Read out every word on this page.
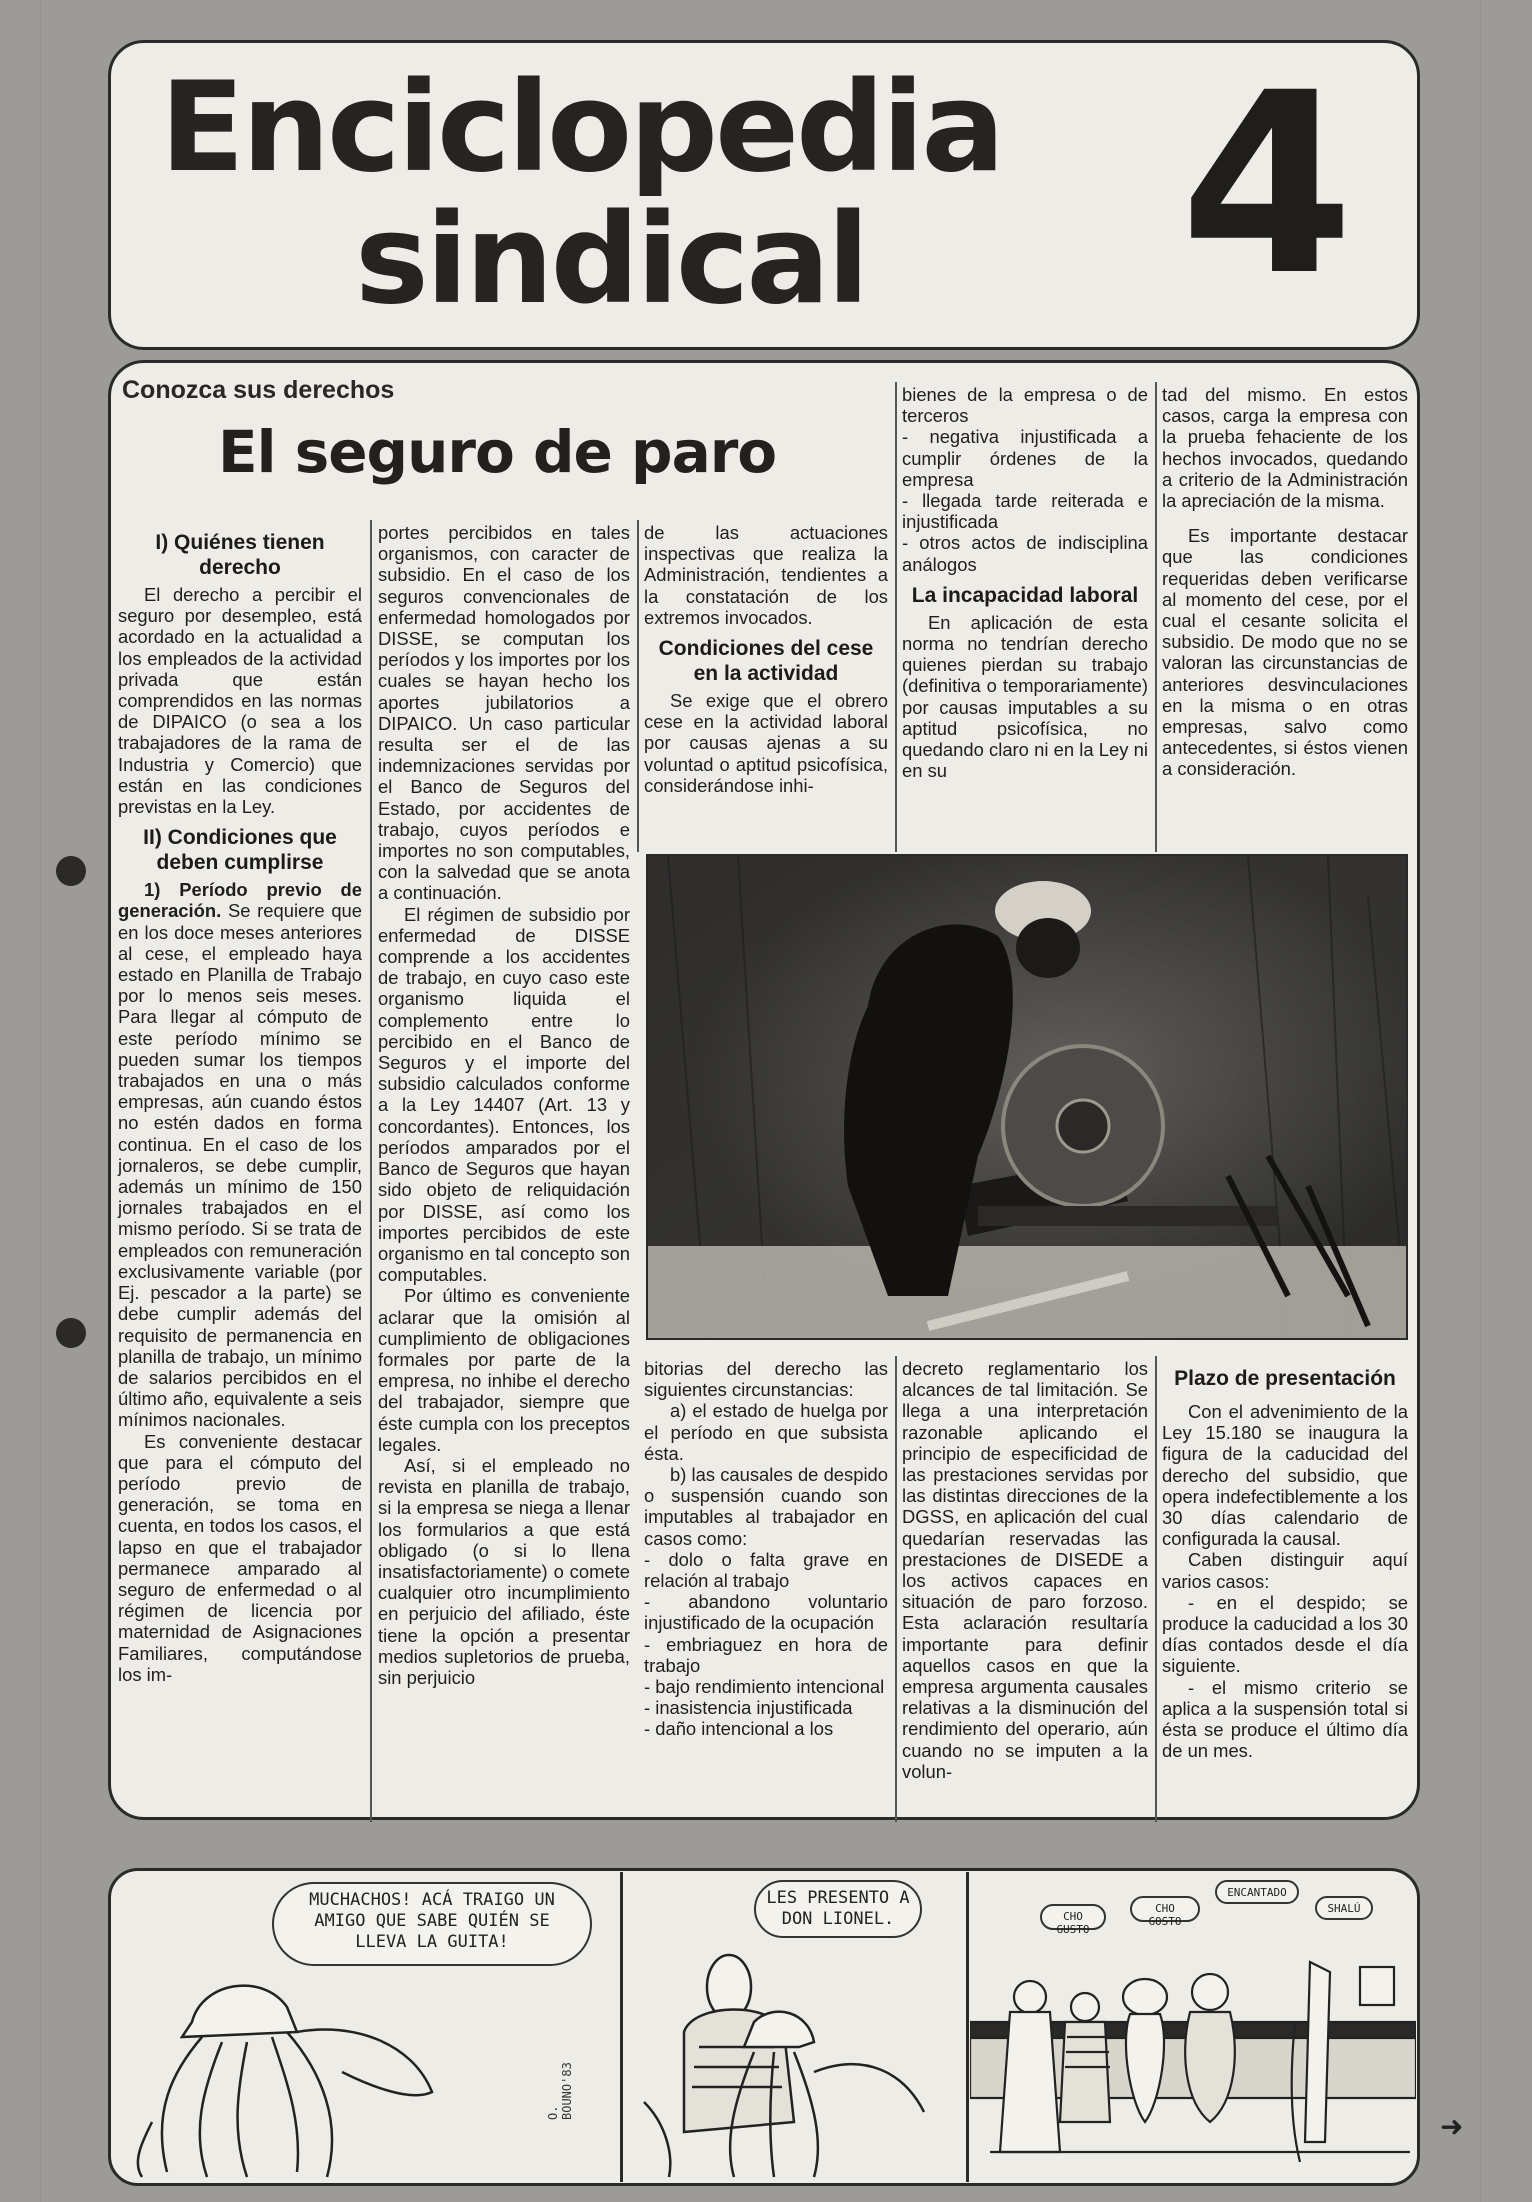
Enciclopedia
sindical	4
Conozca sus derechos
El seguro de paro
I) Quiénes tienen derecho

El derecho a percibir el seguro por desempleo, está acordado en la actualidad a los empleados de la actividad privada que están comprendidos en las normas de DIPAICO (o sea a los trabajadores de la rama de Industria y Comercio) que están en las condiciones previstas en la Ley.

II) Condiciones que deben cumplirse

1) Período previo de generación. Se requiere que en los doce meses anteriores al cese, el empleado haya estado en Planilla de Trabajo por lo menos seis meses. Para llegar al cómputo de este período mínimo se pueden sumar los tiempos trabajados en una o más empresas, aún cuando éstos no estén dados en forma continua. En el caso de los jornaleros, se debe cumplir, además un mínimo de 150 jornales trabajados en el mismo período. Si se trata de empleados con remuneración exclusivamente variable (por Ej. pescador a la parte) se debe cumplir además del requisito de permanencia en planilla de trabajo, un mínimo de salarios percibidos en el último año, equivalente a seis mínimos nacionales.

Es conveniente destacar que para el cómputo del período previo de generación, se toma en cuenta, en todos los casos, el lapso en que el trabajador permanece amparado al seguro de enfermedad o al régimen de licencia por maternidad de Asignaciones Familiares, computándose los im-

portes percibidos en tales organismos, con caracter de subsidio. En el caso de los seguros convencionales de enfermedad homologados por DISSE, se computan los períodos y los importes por los cuales se hayan hecho los aportes jubilatorios a DIPAICO. Un caso particular resulta ser el de las indemnizaciones servidas por el Banco de Seguros del Estado, por accidentes de trabajo, cuyos períodos e importes no son computables, con la salvedad que se anota a continuación.

El régimen de subsidio por enfermedad de DISSE comprende a los accidentes de trabajo, en cuyo caso este organismo liquida el complemento entre lo percibido en el Banco de Seguros y el importe del subsidio calculados conforme a la Ley 14407 (Art. 13 y concordantes). Entonces, los períodos amparados por el Banco de Seguros que hayan sido objeto de reliquidación por DISSE, así como los importes percibidos de este organismo en tal concepto son computables.

Por último es conveniente aclarar que la omisión al cumplimiento de obligaciones formales por parte de la empresa, no inhibe el derecho del trabajador, siempre que éste cumpla con los preceptos legales.

Así, si el empleado no revista en planilla de trabajo, si la empresa se niega a llenar los formularios a que está obligado (o si lo llena insatisfactoriamente) o comete cualquier otro incumplimiento en perjuicio del afiliado, éste tiene la opción a presentar medios supletorios de prueba, sin perjuicio

de las actuaciones inspectivas que realiza la Administración, tendientes a la constatación de los extremos invocados.

Condiciones del cese en la actividad

Se exige que el obrero cese en la actividad laboral por causas ajenas a su voluntad o aptitud psicofísica, considerándose inhi-

bienes de la empresa o de terceros

- negativa injustificada a cumplir órdenes de la empresa

- llegada tarde reiterada e injustificada

- otros actos de indisciplina análogos

La incapacidad laboral

En aplicación de esta norma no tendrían derecho quienes pierdan su trabajo (definitiva o temporariamente) por causas imputables a su aptitud psicofísica, no quedando claro ni en la Ley ni en su

tad del mismo. En estos casos, carga la empresa con la prueba fehaciente de los hechos invocados, quedando a criterio de la Administración la apreciación de la misma.

Es importante destacar que las condiciones requeridas deben verificarse al momento del cese, por el cual el cesante solicita el subsidio. De modo que no se valoran las circunstancias de anteriores desvinculaciones en la misma o en otras empresas, salvo como antecedentes, si éstos vienen a consideración.

bitorias del derecho las siguientes circunstancias:

a) el estado de huelga por el período en que subsista ésta.

b) las causales de despido o suspensión cuando son imputables al trabajador en casos como:

- dolo o falta grave en relación al trabajo

- abandono voluntario injustificado de la ocupación

- embriaguez en hora de trabajo

- bajo rendimiento intencional

- inasistencia injustificada

- daño intencional a los

decreto reglamentario los alcances de tal limitación. Se llega a una interpretación razonable aplicando el principio de especificidad de las prestaciones servidas por las distintas direcciones de la DGSS, en aplicación del cual quedarían reservadas las prestaciones de DISEDE a los activos capaces en situación de paro forzoso. Esta aclaración resultaría importante para definir aquellos casos en que la empresa argumenta causales relativas a la disminución del rendimiento del operario, aún cuando no se imputen a la volun-

Plazo de presentación

Con el advenimiento de la Ley 15.180 se inaugura la figura de la caducidad del derecho del subsidio, que opera indefectiblemente a los 30 días calendario de configurada la causal.

Caben distinguir aquí varios casos:

- en el despido; se produce la caducidad a los 30 días contados desde el día siguiente.

- el mismo criterio se aplica a la suspensión total si ésta se produce el último día de un mes.

MUCHACHOS! ACÁ TRAIGO UN AMIGO QUE SABE QUIÉN SE LLEVA LA GUITA!
O. BOUNO'83
LES PRESENTO A DON LIONEL.	CHO GUSTO
CHO GOSTO
ENCANTADO
SHALÚ
➜
